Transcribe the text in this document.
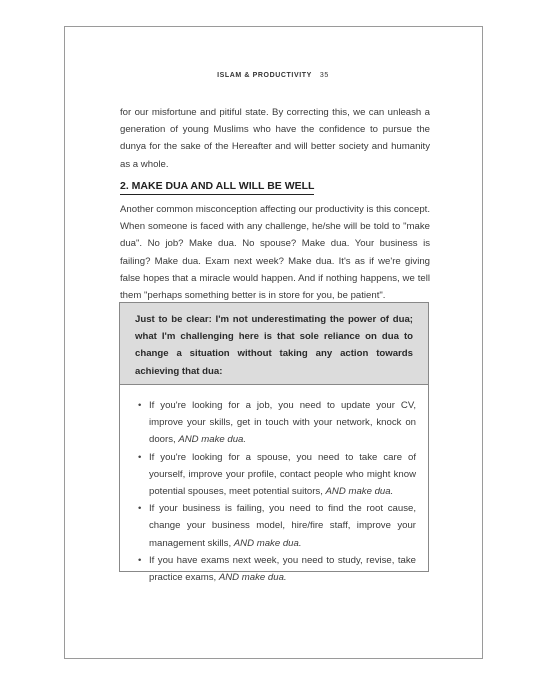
ISLAM & PRODUCTIVITY 35

for our misfortune and pitiful state. By correcting this, we can unleash a generation of young Muslims who have the confidence to pursue the dunya for the sake of the Hereafter and will better society and humanity as a whole.

2. MAKE DUA AND ALL WILL BE WELL

Another common misconception affecting our productivity is this concept. When someone is faced with any challenge, he/she will be told to "make dua". No job? Make dua. No spouse? Make dua. Your business is failing? Make dua. Exam next week? Make dua. It's as if we're giving false hopes that a miracle would happen. And if nothing happens, we tell them "perhaps something better is in store for you, be patient".

Just to be clear: I'm not underestimating the power of dua; what I'm challenging here is that sole reliance on dua to change a situation without taking any action towards achieving that dua:
• If you're looking for a job, you need to update your CV, improve your skills, get in touch with your network, knock on doors, AND make dua.
• If you're looking for a spouse, you need to take care of yourself, improve your profile, contact people who might know potential spouses, meet potential suitors, AND make dua.
• If your business is failing, you need to find the root cause, change your business model, hire/fire staff, improve your management skills, AND make dua.
• If you have exams next week, you need to study, revise, take practice exams, AND make dua.
